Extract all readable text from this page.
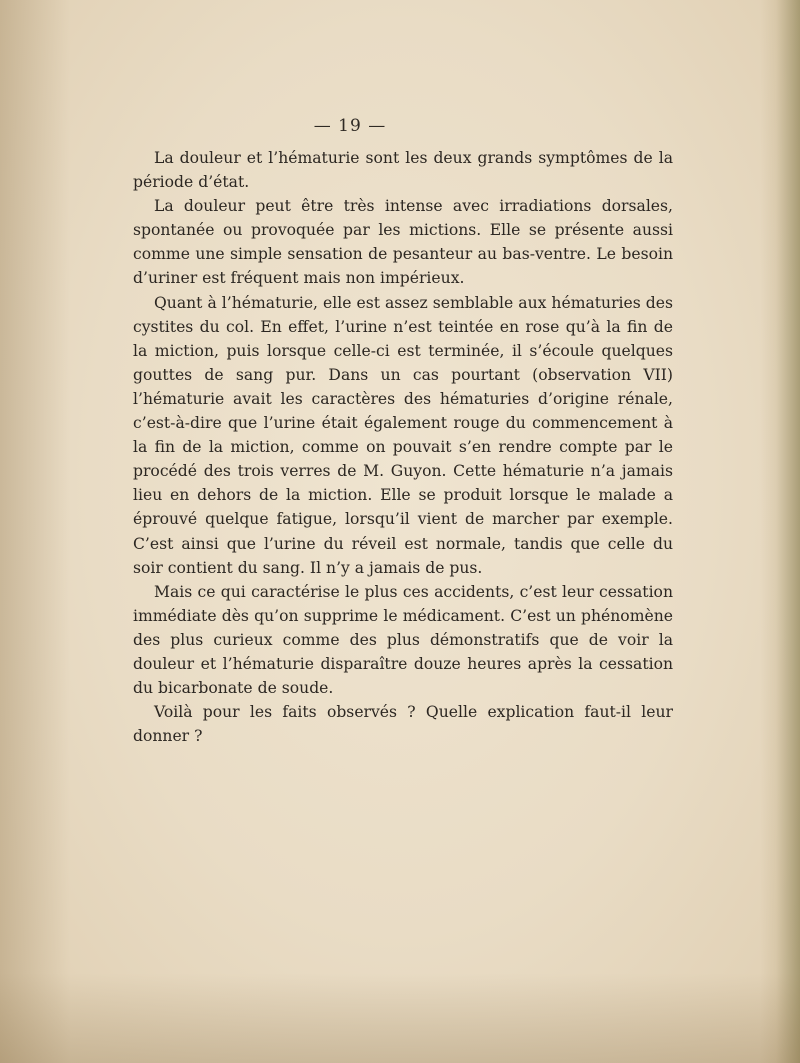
— 19 —

La douleur et l’hématurie sont les deux grands symptômes de la période d’état.

La douleur peut être très intense avec irradiations dorsales, spontanée ou provoquée par les mictions. Elle se présente aussi comme une simple sensation de pesanteur au bas-ventre. Le besoin d’uriner est fréquent mais non impérieux.

Quant à l’hématurie, elle est assez semblable aux hématuries des cystites du col. En effet, l’urine n’est teintée en rose qu’à la fin de la miction, puis lorsque celle-ci est terminée, il s’écoule quelques gouttes de sang pur. Dans un cas pourtant (observation VII) l’hématurie avait les caractères des hématuries d’origine rénale, c’est-à-dire que l’urine était également rouge du commencement à la fin de la miction, comme on pouvait s’en rendre compte par le procédé des trois verres de M. Guyon. Cette hématurie n’a jamais lieu en dehors de la miction. Elle se produit lorsque le malade a éprouvé quelque fatigue, lorsqu’il vient de marcher par exemple. C’est ainsi que l’urine du réveil est normale, tandis que celle du soir contient du sang. Il n’y a jamais de pus.

Mais ce qui caractérise le plus ces accidents, c’est leur cessation immédiate dès qu’on supprime le médicament. C’est un phénomène des plus curieux comme des plus démonstratifs que de voir la douleur et l’hématurie disparaître douze heures après la cessation du bicarbonate de soude.

Voilà pour les faits observés ? Quelle explication faut-il leur donner ?
